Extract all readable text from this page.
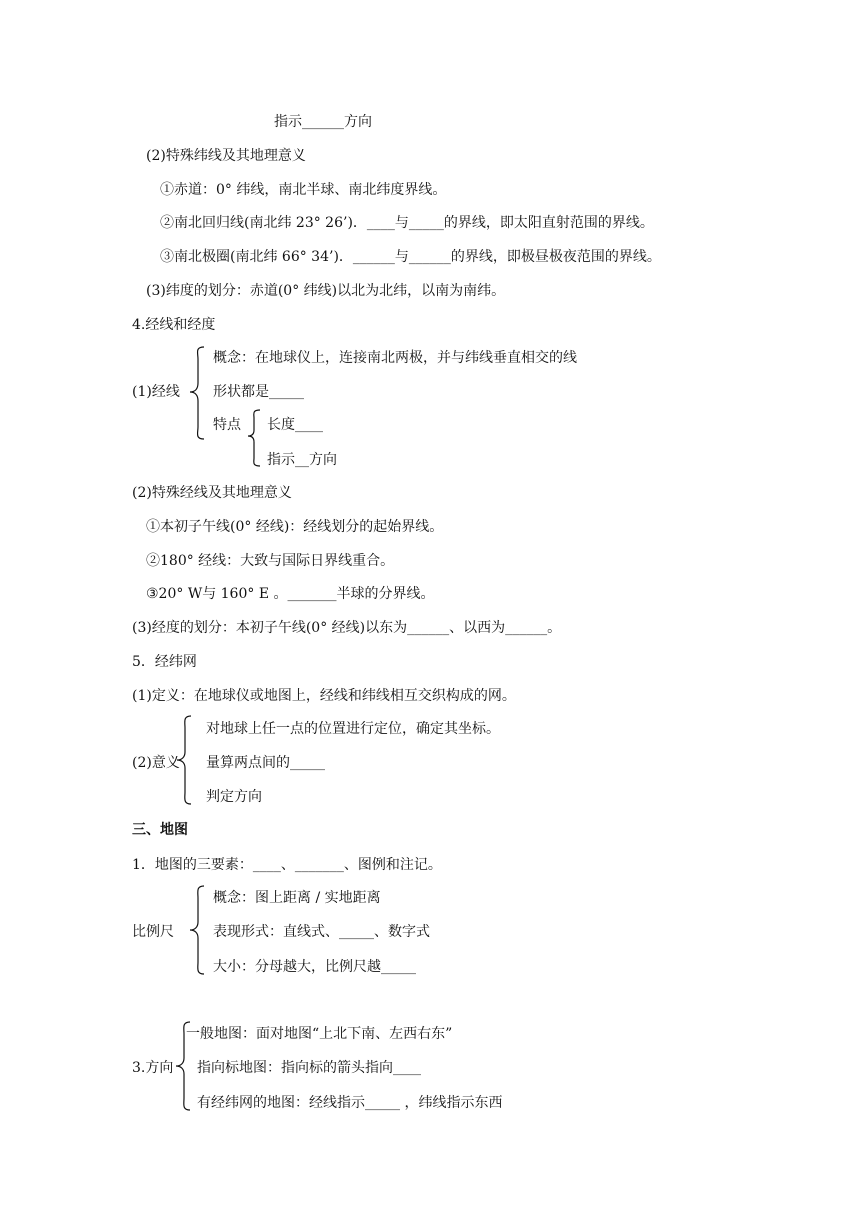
指示______方向
(2)特殊纬线及其地理意义
①赤道：0° 纬线，南北半球、南北纬度界线。
②南北回归线(南北纬 23° 26’)．____与_____的界线，即太阳直射范围的界线。
③南北极圈(南北纬 66° 34’)．______与______的界线，即极昼极夜范围的界线。
(3)纬度的划分：赤道(0° 纬线)以北为北纬，以南为南纬。
4.经线和经度
(1)经线
概念：在地球仪上，连接南北两极，并与纬线垂直相交的线
形状都是_____
特点 长度____
指示__方向
(2)特殊经线及其地理意义
①本初子午线(0° 经线)：经线划分的起始界线。
②180° 经线：大致与国际日界线重合。
③20° W与 160° E 。_______半球的分界线。
(3)经度的划分：本初子午线(0° 经线)以东为______、以西为______。
5．经纬网
(1)定义：在地球仪或地图上，经线和纬线相互交织构成的网。
(2)意义
对地球上任一点的位置进行定位，确定其坐标。
量算两点间的_____
判定方向
三、地图
1．地图的三要素：____、_______、图例和注记。
比例尺
概念：图上距离 / 实地距离
表现形式：直线式、_____、数字式
大小：分母越大，比例尺越_____
3.方向
一般地图：面对地图“上北下南、左西右东”
指向标地图：指向标的箭头指向____
有经纬网的地图：经线指示_____ ，纬线指示东西
